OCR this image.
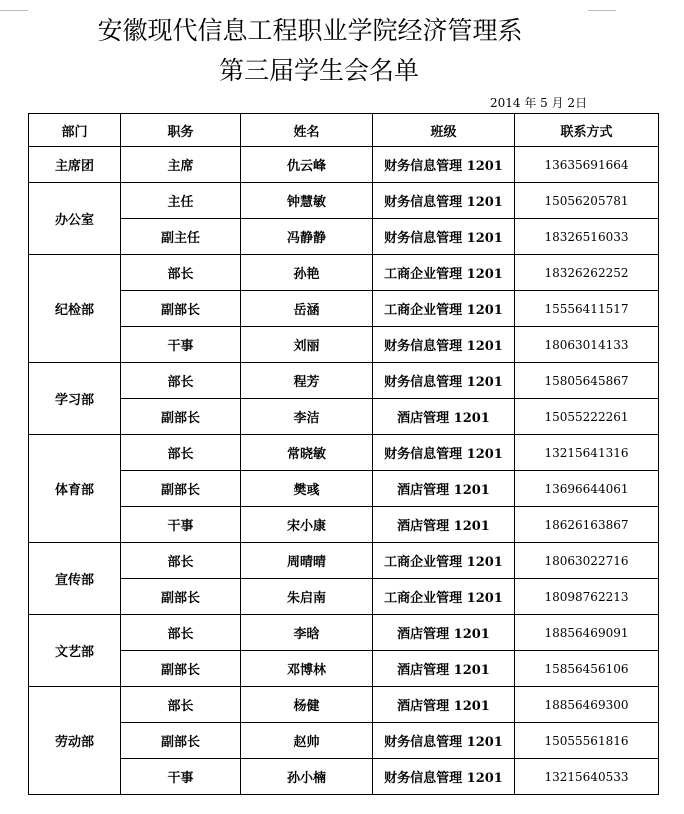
安徽现代信息工程职业学院经济管理系
第三届学生会名单
2014 年 5 月 2日
部门	职务	姓名	班级	联系方式
主席团	主席	仇云峰	财务信息管理 1201	13635691664
办公室	主任	钟慧敏	财务信息管理 1201	15056205781
	副主任	冯静静	财务信息管理 1201	18326516033
纪检部	部长	孙艳	工商企业管理 1201	18326262252
	副部长	岳涵	工商企业管理 1201	15556411517
	干事	刘丽	财务信息管理 1201	18063014133
学习部	部长	程芳	财务信息管理 1201	15805645867
	副部长	李洁	酒店管理 1201	15055222261
体育部	部长	常晓敏	财务信息管理 1201	13215641316
	副部长	樊彧	酒店管理 1201	13696644061
	干事	宋小康	酒店管理 1201	18626163867
宣传部	部长	周晴晴	工商企业管理 1201	18063022716
	副部长	朱启南	工商企业管理 1201	18098762213
文艺部	部长	李晗	酒店管理 1201	18856469091
	副部长	邓博林	酒店管理 1201	15856456106
劳动部	部长	杨健	酒店管理 1201	18856469300
	副部长	赵帅	财务信息管理 1201	15055561816
	干事	孙小楠	财务信息管理 1201	13215640533
